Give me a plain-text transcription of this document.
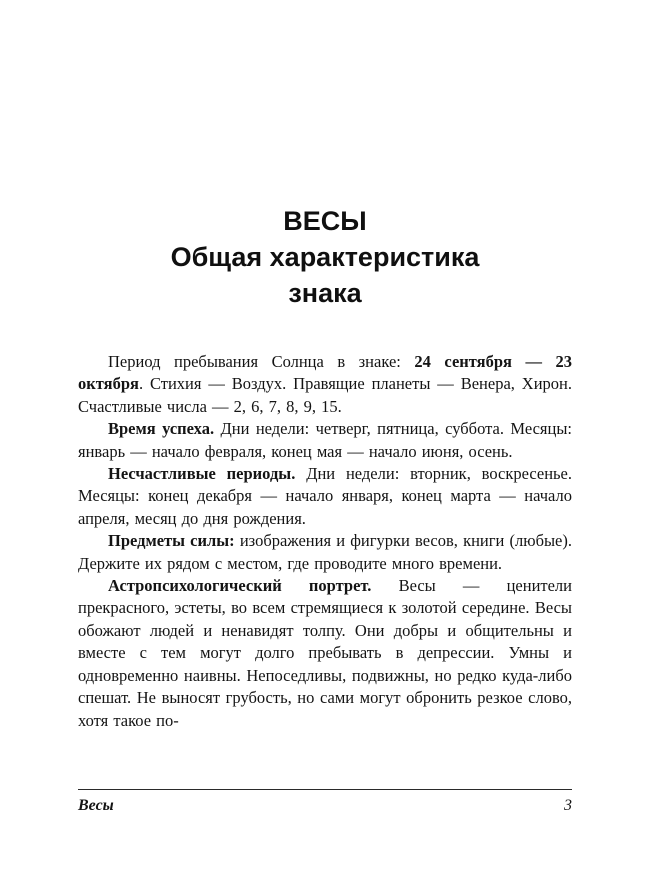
ВЕСЫ
Общая характеристика
знака

Период пребывания Солнца в знаке: 24 сентября — 23 октября. Стихия — Воздух. Правящие планеты — Венера, Хирон. Счастливые числа — 2, 6, 7, 8, 9, 15.

Время успеха. Дни недели: четверг, пятница, суббота. Месяцы: январь — начало февраля, конец мая — начало июня, осень.

Несчастливые периоды. Дни недели: вторник, воскресенье. Месяцы: конец декабря — начало января, конец марта — начало апреля, месяц до дня рождения.

Предметы силы: изображения и фигурки весов, книги (любые). Держите их рядом с местом, где проводите много времени.

Астропсихологический портрет. Весы — ценители прекрасного, эстеты, во всем стремящиеся к золотой середине. Весы обожают людей и ненавидят толпу. Они добры и общительны и вместе с тем могут долго пребывать в депрессии. Умны и одновременно наивны. Непоседливы, подвижны, но редко куда-либо спешат. Не выносят грубость, но сами могут обронить резкое слово, хотя такое по-

Весы	3
